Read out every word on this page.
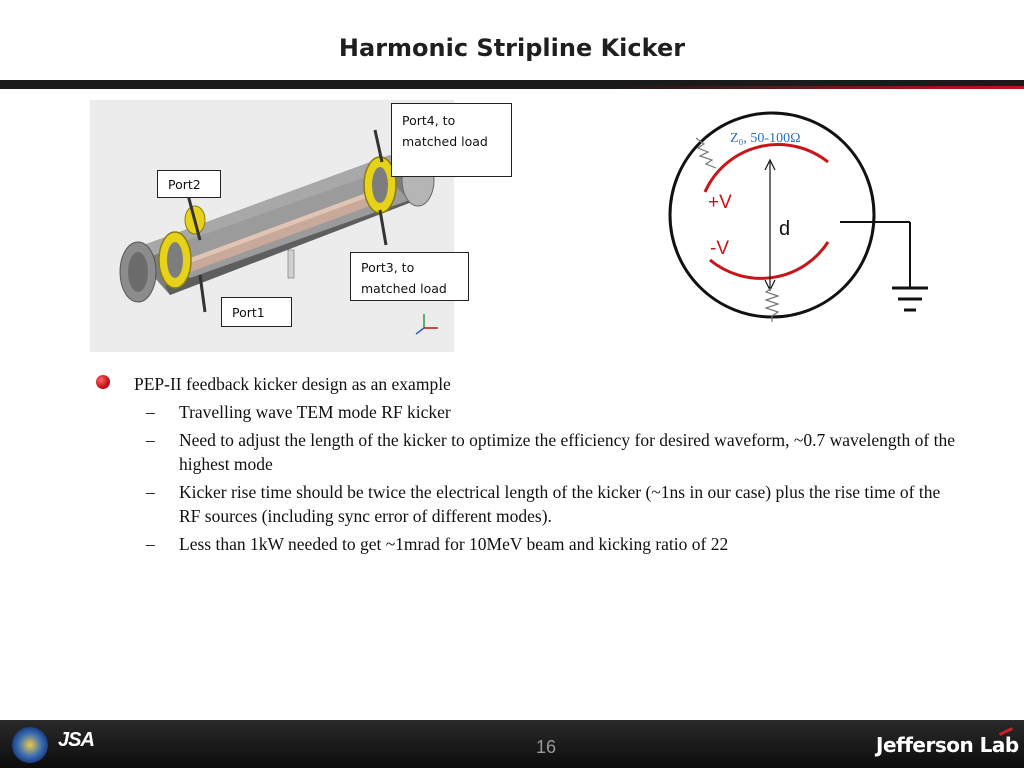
Harmonic Stripline Kicker
Port4, to matched load
Port2
Port3, to matched load
Port1
Z₀, 50-100Ω
+V
-V
d
PEP-II feedback kicker design as an example
– Travelling wave TEM mode RF kicker
– Need to adjust the length of the kicker to optimize the efficiency for desired waveform, ~0.7 wavelength of the highest mode
– Kicker rise time should be twice the electrical length of the kicker (~1ns in our case) plus the rise time of the RF sources (including sync error of different modes).
– Less than 1kW needed to get ~1mrad for 10MeV beam and kicking ratio of 22
JSA	16	Jefferson Lab
